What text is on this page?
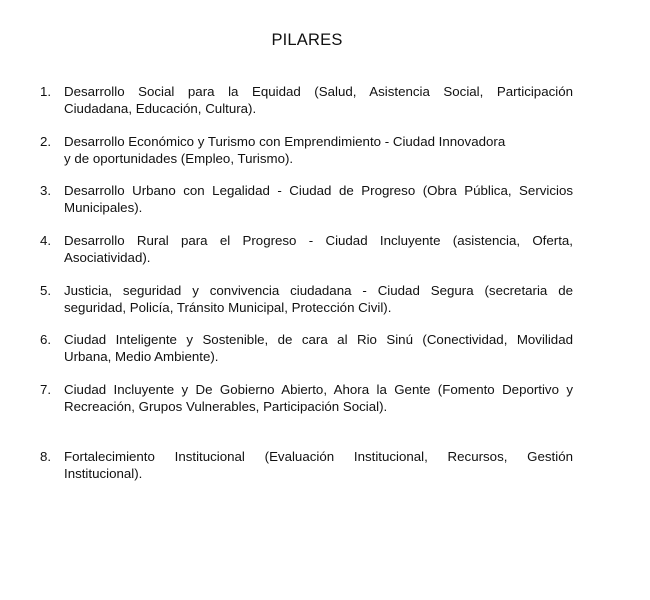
PILARES
1. Desarrollo Social para la Equidad (Salud, Asistencia Social, Participación
Ciudadana, Educación, Cultura).
2. Desarrollo Económico y Turismo con Emprendimiento - Ciudad Innovadora
y de oportunidades (Empleo, Turismo).
3. Desarrollo Urbano con Legalidad - Ciudad de Progreso (Obra Pública, Servicios
Municipales).
4. Desarrollo Rural para el Progreso - Ciudad Incluyente (asistencia, Oferta,
Asociatividad).
5. Justicia, seguridad y convivencia ciudadana - Ciudad Segura (secretaria de
seguridad, Policía, Tránsito Municipal, Protección Civil).
6. Ciudad Inteligente y Sostenible, de cara al Rio Sinú (Conectividad, Movilidad
Urbana, Medio Ambiente).
7. Ciudad Incluyente y De Gobierno Abierto, Ahora la Gente (Fomento Deportivo y
Recreación, Grupos Vulnerables, Participación Social).
8. Fortalecimiento Institucional (Evaluación Institucional, Recursos, Gestión
Institucional).
